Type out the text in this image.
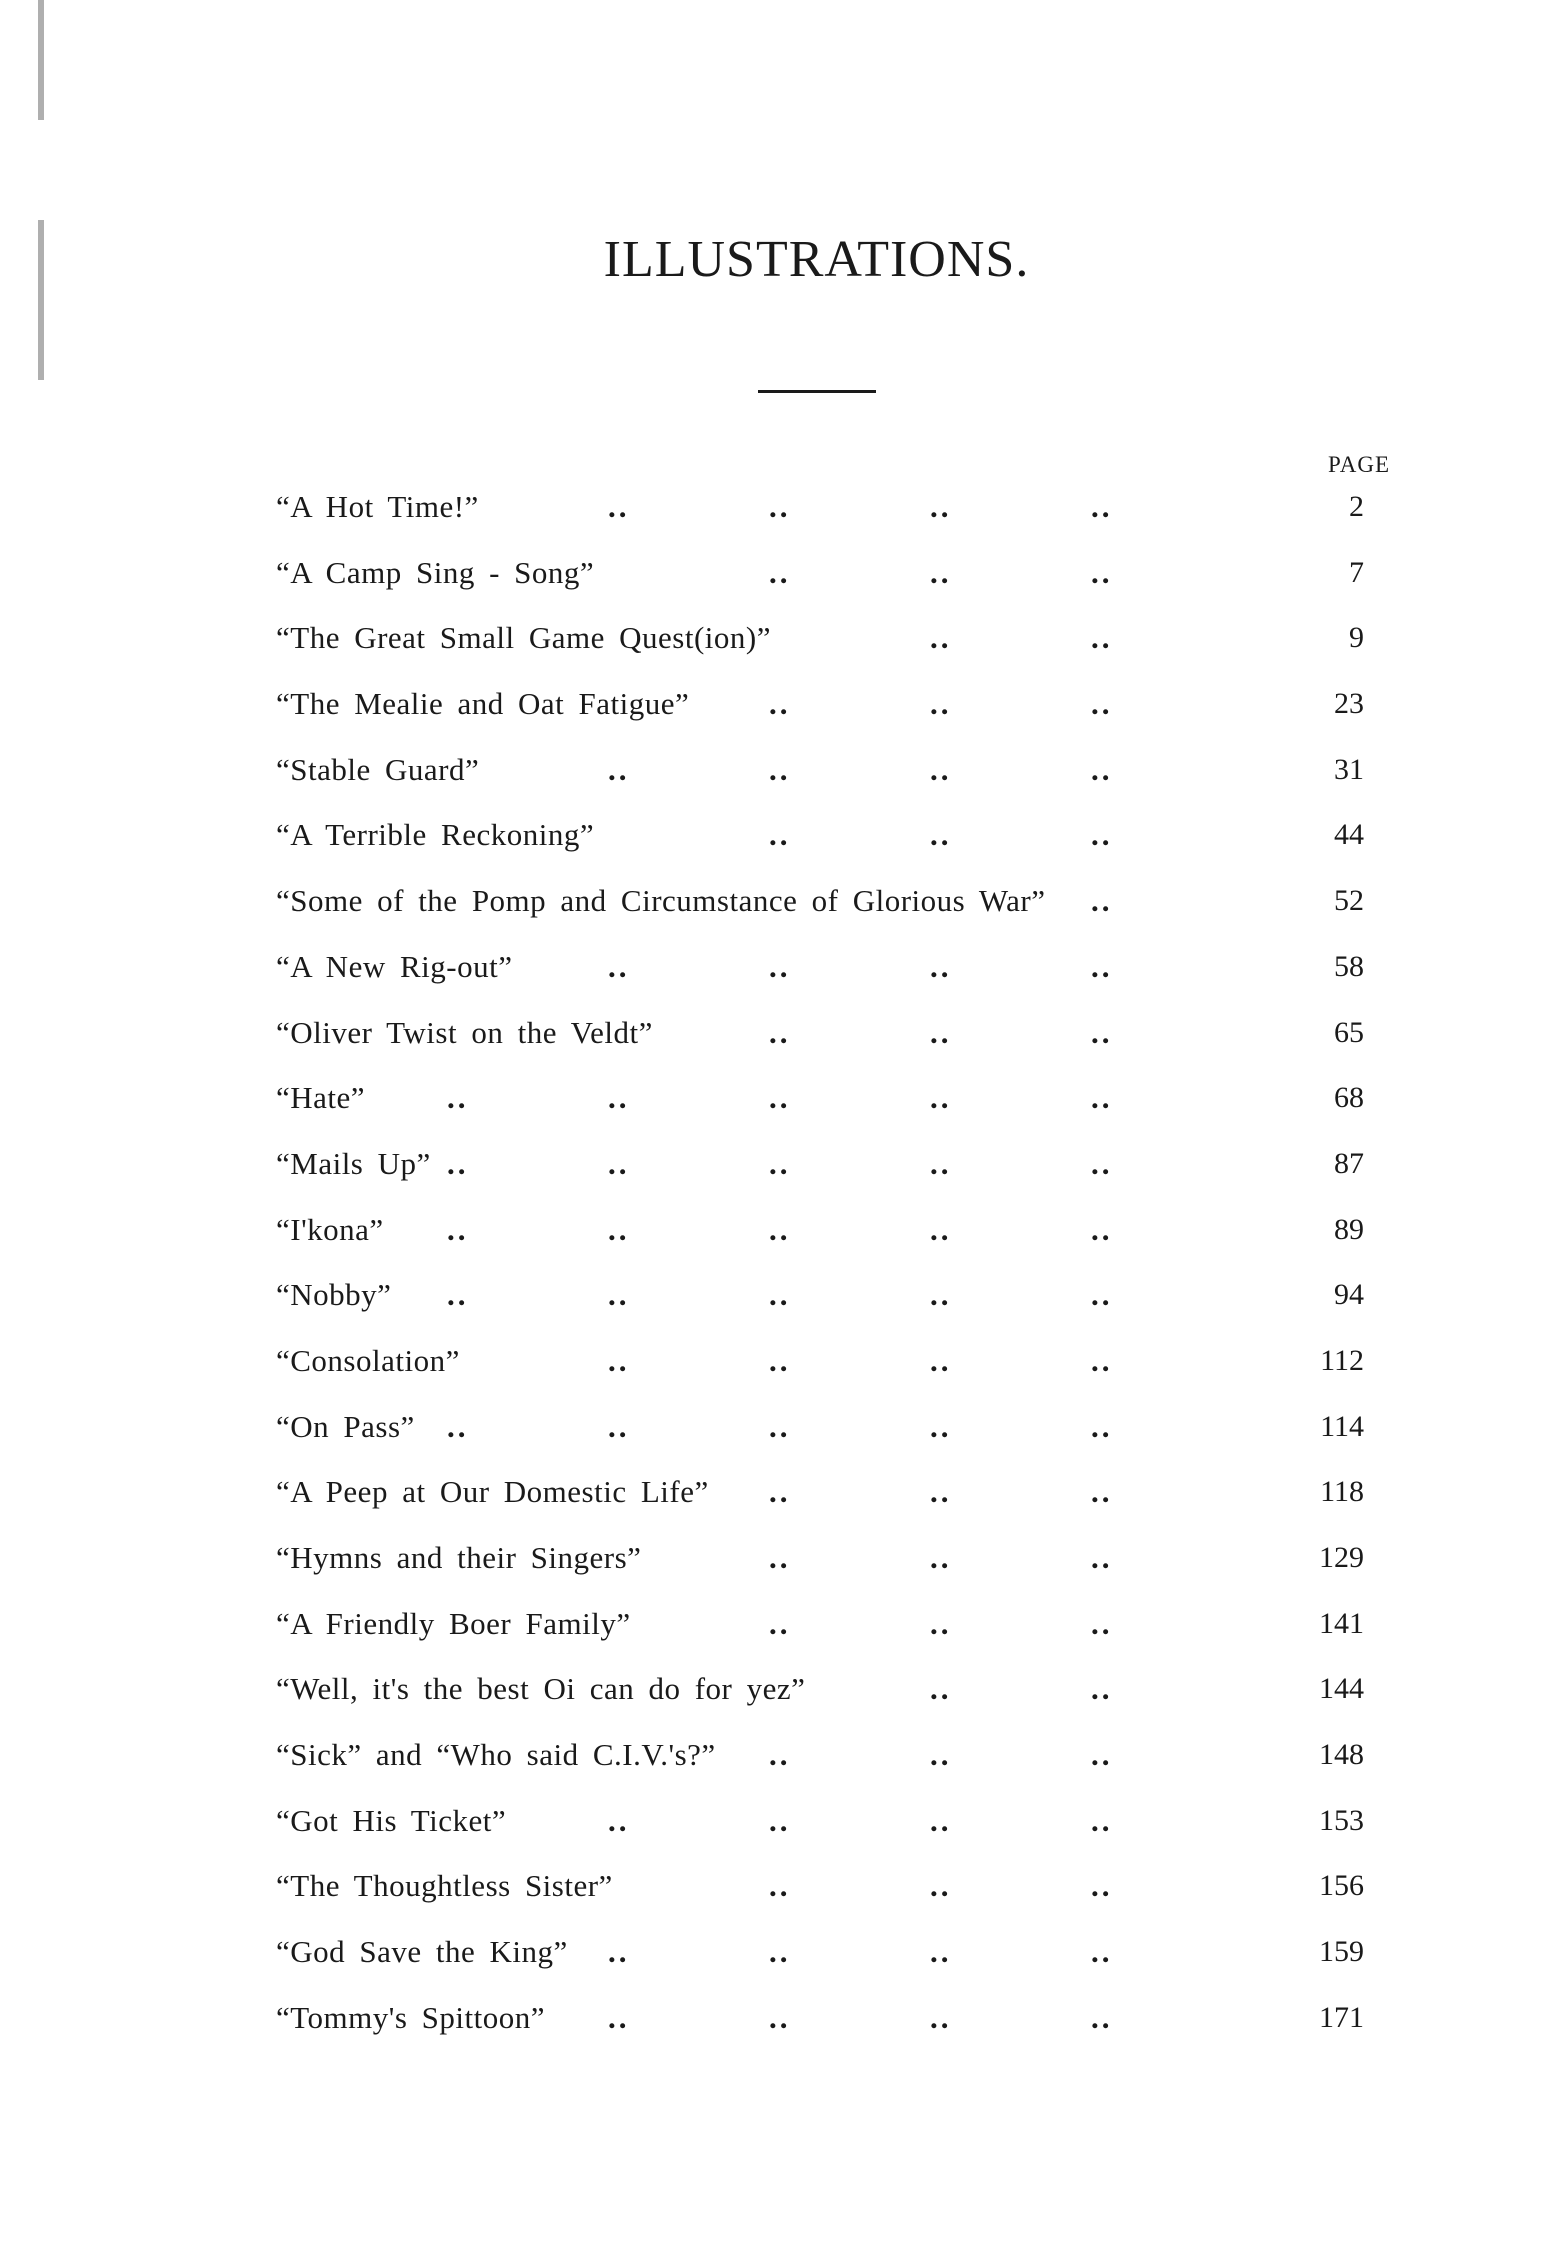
ILLUSTRATIONS.
PAGE
“A Hot Time!”	..	..	..	..	2
“A Camp Sing - Song”	..	..	..	7
“The Great Small Game Quest(ion)”	..	..	9
“The Mealie and Oat Fatigue”	..	..	..	23
“Stable Guard”	..	..	..	..	31
“A Terrible Reckoning”	..	..	..	44
“Some of the Pomp and Circumstance of Glorious War” ..	52
“A New Rig-out”	..	..	..	..	58
“Oliver Twist on the Veldt”	..	..	..	65
“Hate”	..	..	..	..	..	68
“Mails Up” ..	..	..	..	..	87
“I'kona” ..	..	..	..	..	89
“Nobby” ..	..	..	..	..	94
“Consolation”	..	..	..	..	112
“On Pass” ..	..	..	..	..	114
“A Peep at Our Domestic Life” ..	..	..	118
“Hymns and their Singers”	..	..	..	129
“A Friendly Boer Family”	..	..	..	141
“Well, it's the best Oi can do for yez”	..	..	144
“Sick” and “Who said C.I.V.'s?” ..	..	..	148
“Got His Ticket”	..	..	..	..	153
“The Thoughtless Sister”	..	..	..	156
“God Save the King” ..	..	..	..	159
“Tommy's Spittoon” ..	..	..	..	171
